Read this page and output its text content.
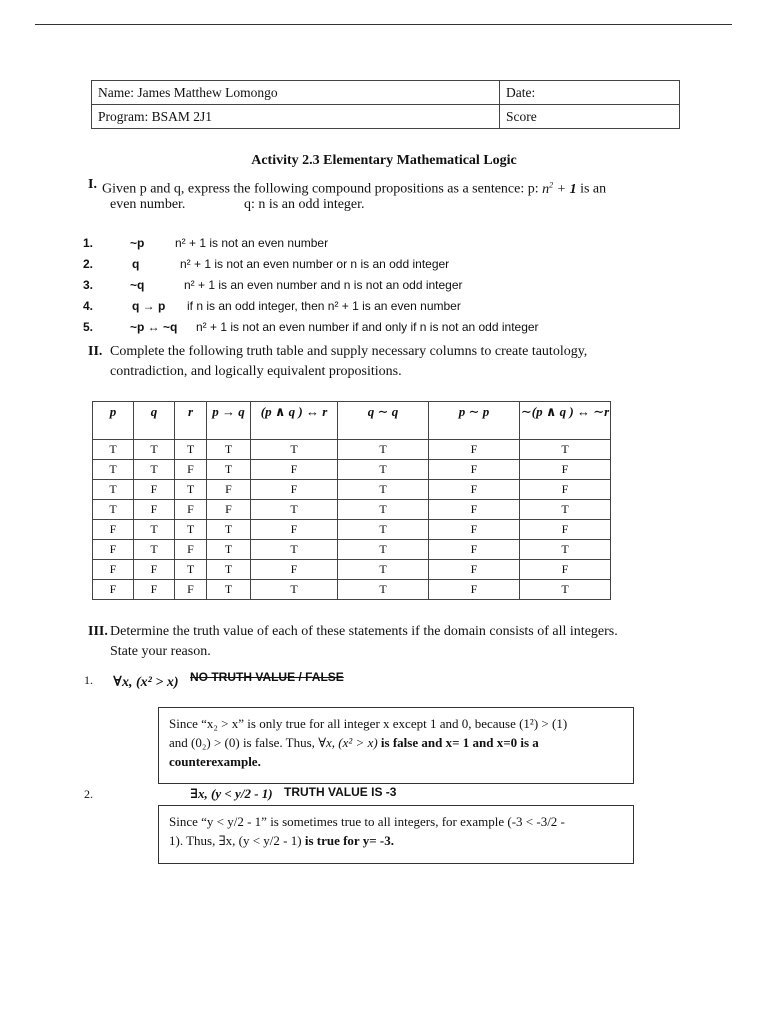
Name: James Matthew Lomongo	Date:
Program: BSAM 2J1	Score
Activity 2.3 Elementary Mathematical Logic
I. Given p and q, express the following compound propositions as a sentence: p: $n^2 + 1$ is an
even number.	q: n is an odd integer.
1.	~p	n² + 1 is not an even number
2.	q	n² + 1 is not an even number or n is an odd integer
3.	~q	n² + 1 is an even number and n is not an odd integer
4.	q → p if n is an odd integer, then n² + 1 is an even number
5.	~p ↔ ~q n² + 1 is not an even number if and only if n is not an odd integer
II. Complete the following truth table and supply necessary columns to create tautology,
contradiction, and logically equivalent propositions.
p	q	r	p → q	(p ∧ q ) ↔ r	q ∼ q	p ∼ p	∼(p ∧ q ) ↔ ∼r
T	T	T	T	T	T	F	T
T	T	F	T	F	T	F	F
T	F	T	F	F	T	F	F
T	F	F	F	T	T	F	T
F	T	T	T	F	T	F	F
F	T	F	T	T	T	F	T
F	F	T	T	F	T	F	F
F	F	F	T	T	T	F	T
III. Determine the truth value of each of these statements if the domain consists of all integers.
State your reason.
1. ∀x, (x² > x) NO TRUTH VALUE / FALSE
Since “x₂ > x” is only true for all integer x except 1 and 0, because (1²) > (1)
and (0₂) > (0) is false. Thus, ∀x, (x² > x) is false and x= 1 and x=0 is a
counterexample.
2.	∃x, (y < y/2 - 1) TRUTH VALUE IS -3
Since “y < y/2 - 1” is sometimes true to all integers, for example (-3 < -3/2 -
1). Thus, ∃x, (y < y/2 - 1) is true for y= -3.
